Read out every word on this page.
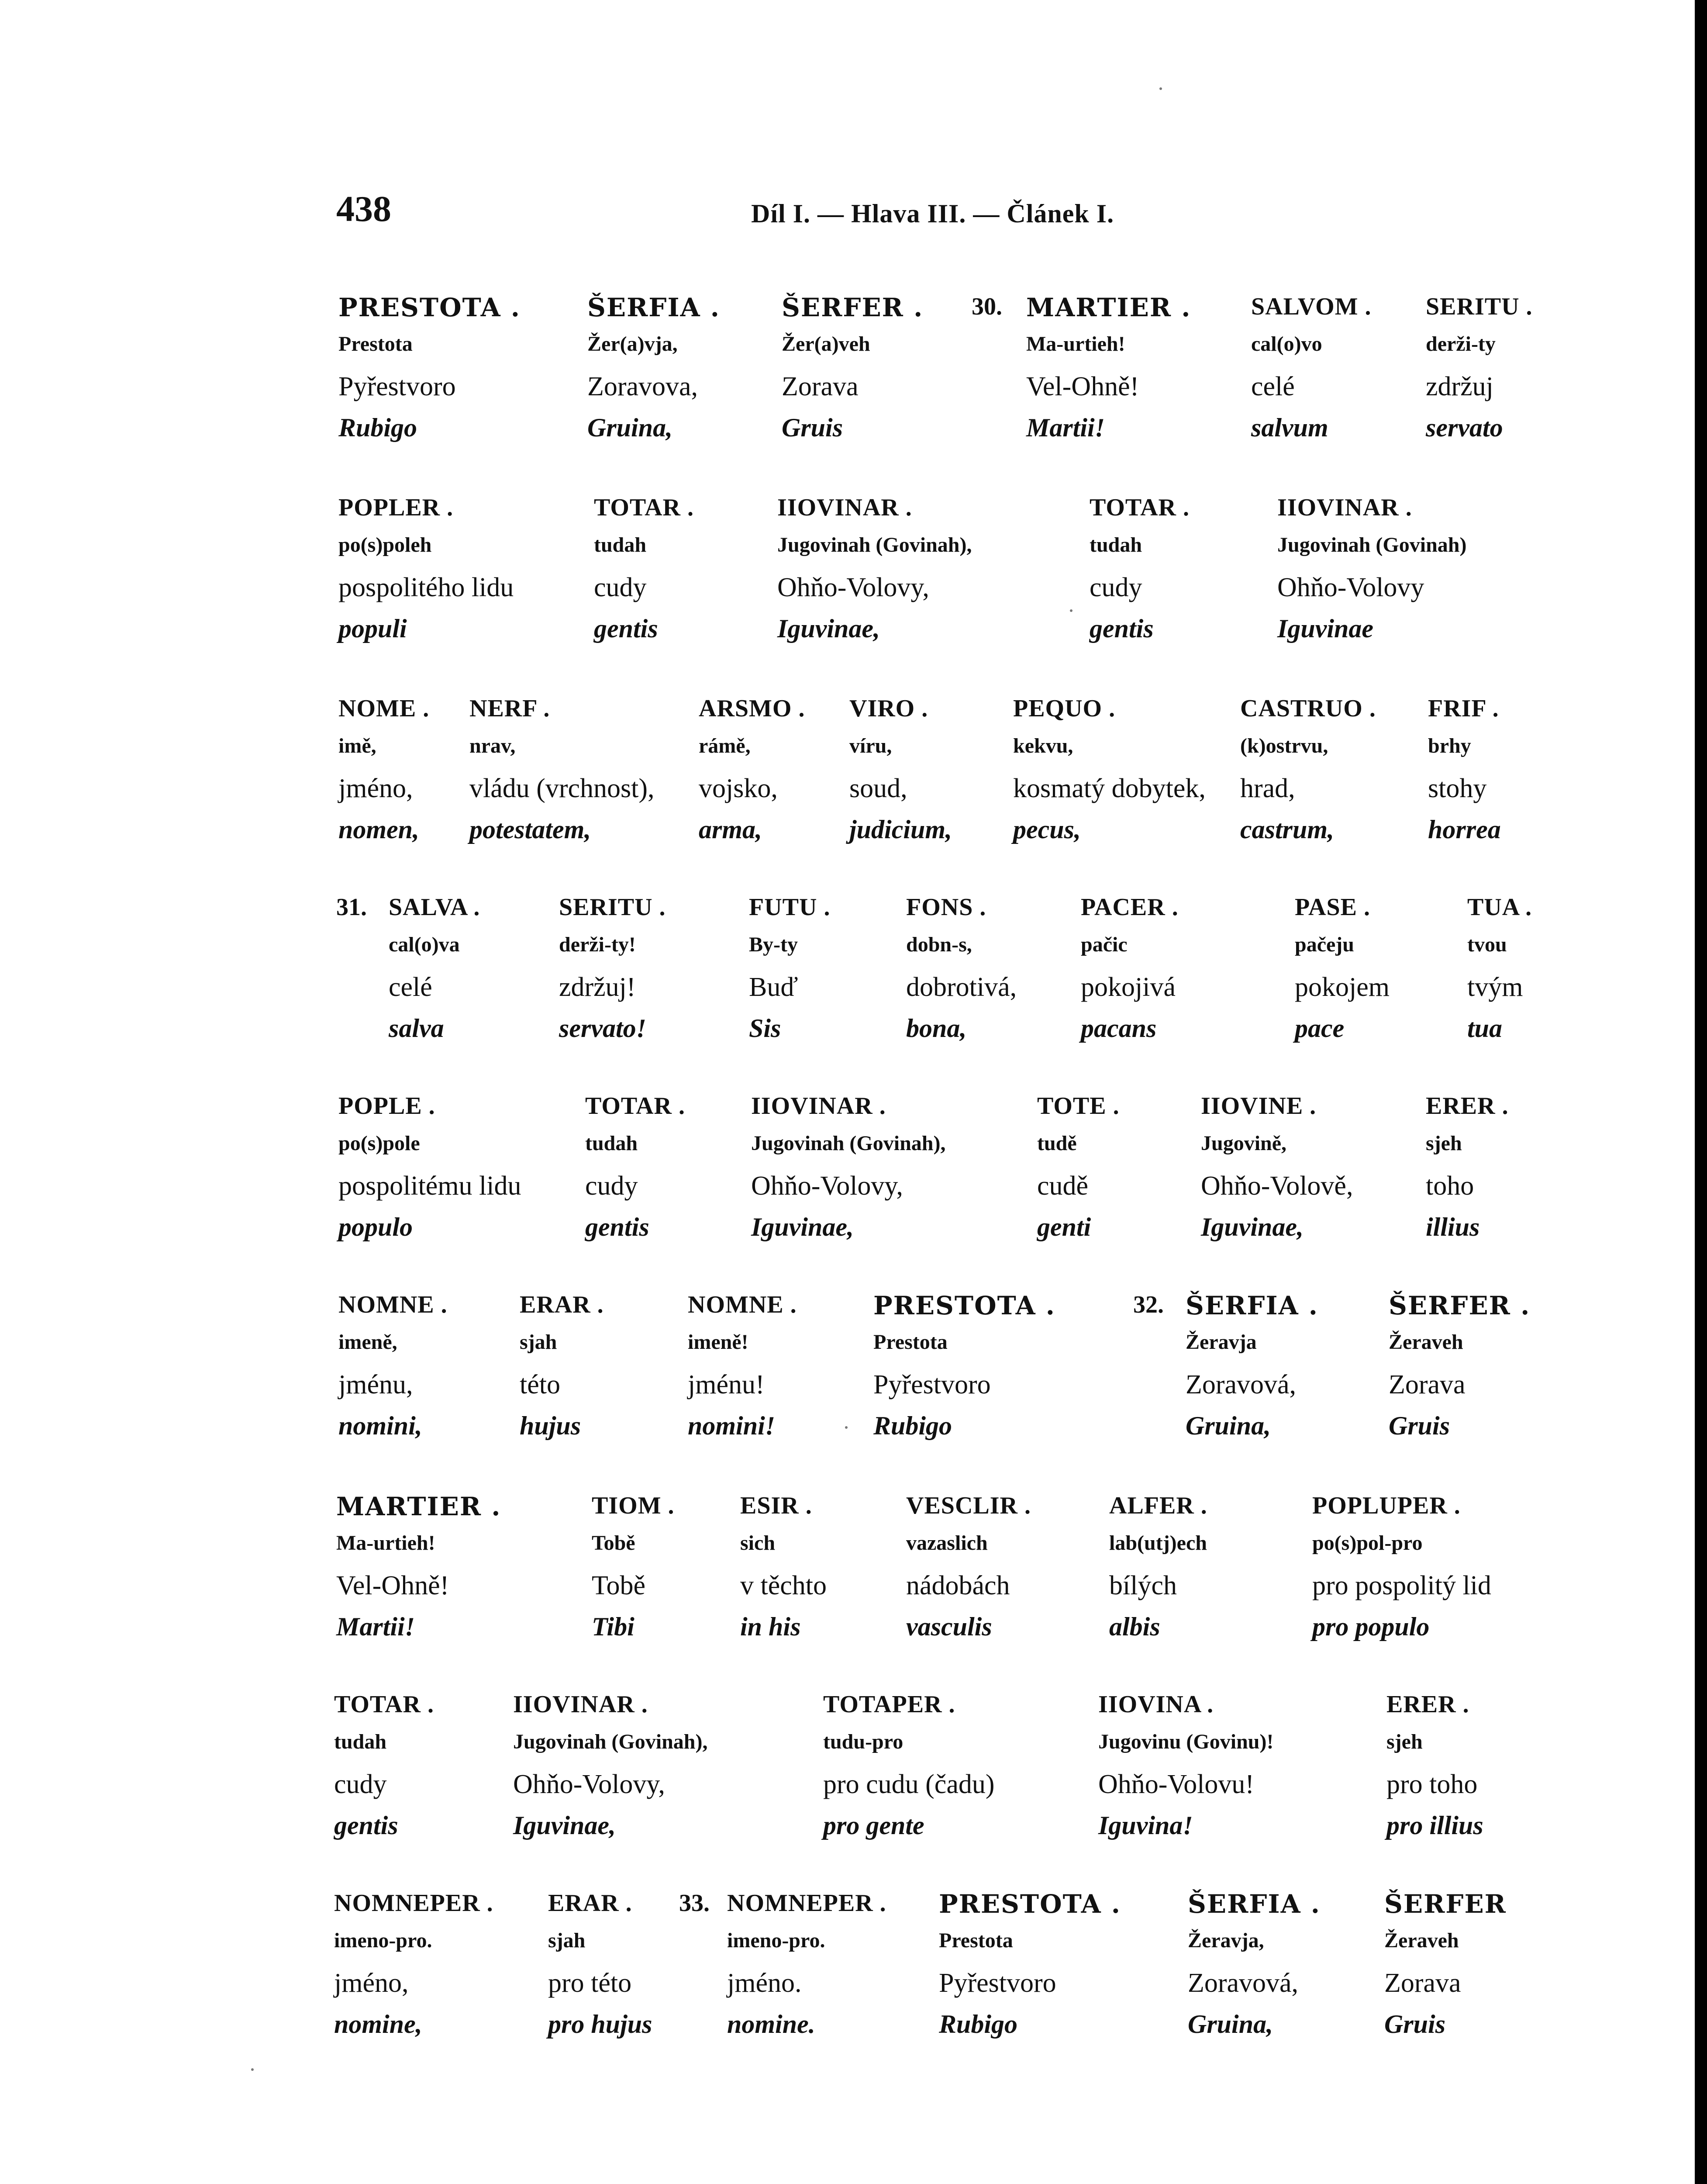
438	Díl I. — Hlava III. — Článek I.
PRESTOTA .
Prestota
Pyřestvoro
Rubigo
ŠERFIA .
Žer(a)vja,
Zoravova,
Gruina,
ŠERFER .
Žer(a)veh
Zorava
Gruis
30. MARTIER .
Ma-urtieh!
Vel-Ohně!
Martii!
SALVOM .
cal(o)vo
celé
salvum
SERITU .
derži-ty
zdržuj
servato
POPLER .
po(s)poleh
pospolitého lidu
populi
TOTAR .
tudah
cudy
gentis
IIOVINAR .
Jugovinah (Govinah),
Ohňo-Volovy,
Iguvinae,
TOTAR .
tudah
cudy
gentis
IIOVINAR .
Jugovinah (Govinah)
Ohňo-Volovy
Iguvinae
NOME .
imě,
jméno,
nomen,
NERF .
nrav,
vládu (vrchnost),
potestatem,
ARSMO .
rámě,
vojsko,
arma,
VIRO .
víru,
soud,
judicium,
PEQUO .
kekvu,
kosmatý dobytek,
pecus,
CASTRUO .
(k)ostrvu,
hrad,
castrum,
FRIF .
brhy
stohy
horrea
31. SALVA .
cal(o)va
celé
salva
SERITU .
derži-ty!
zdržuj!
servato!
FUTU .
By-ty
Buď
Sis
FONS .
dobn-s,
dobrotivá,
bona,
PACER .
pačic
pokojivá
pacans
PASE .
pačeju
pokojem
pace
TUA .
tvou
tvým
tua
POPLE .
po(s)pole
pospolitému lidu
populo
TOTAR .
tudah
cudy
gentis
IIOVINAR .
Jugovinah (Govinah),
Ohňo-Volovy,
Iguvinae,
TOTE .
tudě
cudě
genti
IIOVINE .
Jugovině,
Ohňo-Volově,
Iguvinae,
ERER .
sjeh
toho
illius
NOMNE .
imeně,
jménu,
nomini,
ERAR .
sjah
této
hujus
NOMNE .
imeně!
jménu!
nomini!
PRESTOTA .
Prestota
Pyřestvoro
Rubigo
32. ŠERFIA .
Žeravja
Zoravová,
Gruina,
ŠERFER .
Žeraveh
Zorava
Gruis
MARTIER .
Ma-urtieh!
Vel-Ohně!
Martii!
TIOM .
Tobě
Tobě
Tibi
ESIR .
sich
v těchto
in his
VESCLIR .
vazaslich
nádobách
vasculis
ALFER .
lab(utj)ech
bílých
albis
POPLUPER .
po(s)pol-pro
pro pospolitý lid
pro populo
TOTAR .
tudah
cudy
gentis
IIOVINAR .
Jugovinah (Govinah),
Ohňo-Volovy,
Iguvinae,
TOTAPER .
tudu-pro
pro cudu (čadu)
pro gente
IIOVINA .
Jugovinu (Govinu)!
Ohňo-Volovu!
Iguvina!
ERER .
sjeh
pro toho
pro illius
NOMNEPER .
imeno-pro.
jméno,
nomine,
ERAR .
sjah
pro této
pro hujus
33. NOMNEPER .
imeno-pro.
jméno.
nomine.
PRESTOTA .
Prestota
Pyřestvoro
Rubigo
ŠERFIA .
Žeravja,
Zoravová,
Gruina,
ŠERFER
Žeraveh
Zorava
Gruis
